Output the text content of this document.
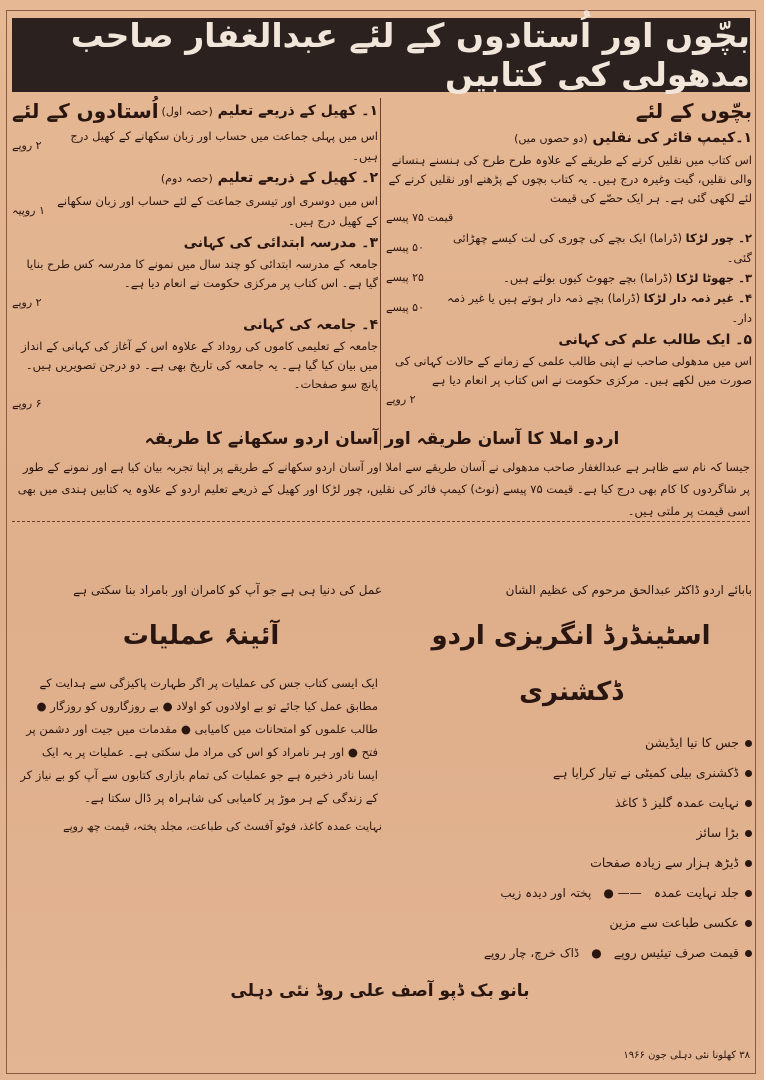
بچّوں اور اُستادوں کے لئے عبدالغفار صاحب مدھولی کی کتابیں
بچّوں کے لئے
۱۔کیمپ فائر کی نقلیں (دو حصوں میں)

اس کتاب میں نقلیں کرنے کے طریقے کے علاوہ طرح طرح کی ہنسنے ہنسانے والی نقلیں، گیت وغیرہ درج ہیں۔ یہ کتاب بچوں کے پڑھنے اور نقلیں کرنے کے لئے لکھی گئی ہے۔ ہر ایک حصّے کی قیمت

قیمت ۷۵ پیسے
۲۔ چور لڑکا (ڈراما) ایک بچے کی چوری کی لت کیسے چھڑائی گئی۔
۵۰ پیسے
۳۔ جھوٹا لڑکا (ڈراما) بچے جھوٹ کیوں بولتے ہیں۔
۲۵ پیسے
۴۔ غیر ذمہ دار لڑکا (ڈراما) بچے ذمہ دار ہوتے ہیں یا غیر ذمہ دار۔
۵۰ پیسے
۵۔ ایک طالب علم کی کہانی

اس میں مدھولی صاحب نے اپنی طالب علمی کے زمانے کے حالات کہانی کی صورت میں لکھے ہیں۔ مرکزی حکومت نے اس کتاب پر انعام دیا ہے

۲ روپے
۱۔ کھیل کے ذریعے تعلیم (حصہ اول)
اُستادوں کے لئے
اس میں پہلی جماعت میں حساب اور زبان سکھانے کے کھیل درج ہیں۔
۲ روپے
۲۔ کھیل کے ذریعے تعلیم (حصہ دوم)
اس میں دوسری اور تیسری جماعت کے لئے حساب اور زبان سکھانے کے کھیل درج ہیں۔
۱ روپیہ
۳۔ مدرسہ ابتدائی کی کہانی

جامعہ کے مدرسہ ابتدائی کو چند سال میں نمونے کا مدرسہ کس طرح بنایا گیا ہے۔ اس کتاب پر مرکزی حکومت نے انعام دیا ہے۔

۲ روپے
۴۔ جامعہ کی کہانی

جامعہ کے تعلیمی کاموں کی روداد کے علاوہ اس کے آغاز کی کہانی کے انداز میں بیان کیا گیا ہے۔ یہ جامعہ کی تاریخ بھی ہے۔ دو درجن تصویریں ہیں۔ پانچ سو صفحات۔

۶ روپے
اردو املا کا آسان طریقہ اور آسان اردو سکھانے کا طریقہ
جیسا کہ نام سے ظاہر ہے عبدالغفار صاحب مدھولی نے آسان طریقے سے املا اور آسان اردو سکھانے کے طریقے پر اپنا تجربہ بیان کیا ہے اور نمونے کے طور پر شاگردوں کا کام بھی درج کیا ہے۔ قیمت ۷۵ پیسے (نوٹ) کیمپ فائر کی نقلیں، چور لڑکا اور کھیل کے ذریعے تعلیم اردو کے علاوہ یہ کتابیں ہندی میں بھی اسی قیمت پر ملتی ہیں۔
بابائے اردو ڈاکٹر عبدالحق مرحوم کی عظیم الشان
اسٹینڈرڈ انگریزی اردو ڈکشنری
جس کا نیا ایڈیشن
ڈکشنری بیلی کمیٹی نے تیار کرایا ہے
نہایت عمدہ گلیز ڈ کاغذ
بڑا سائز
ڈیڑھ ہزار سے زیادہ صفحات
جلد نہایت عمدہ
—— ●
پختہ اور دیدہ زیب
عکسی طباعت سے مزین
قیمت صرف تیئیس روپے
●
ڈاک خرچ، چار روپے
عمل کی دنیا ہی ہے جو آپ کو کامران اور بامراد بنا سکتی ہے
آئینۂ عملیات
ایک ایسی کتاب جس کی عملیات پر اگر طہارت پاکیزگی سے ہدایت کے مطابق عمل کیا جائے تو بے اولادوں کو اولاد ● بے روزگاروں کو روزگار ● طالب علموں کو امتحانات میں کامیابی ● مقدمات میں جیت اور دشمن پر فتح ● اور ہر نامراد کو اس کی مراد مل سکتی ہے۔ عملیات پر یہ ایک ایسا نادر ذخیرہ ہے جو عملیات کی تمام بازاری کتابوں سے آپ کو بے نیاز کر کے زندگی کے ہر موڑ پر کامیابی کی شاہراہ پر ڈال سکتا ہے۔
نہایت عمدہ کاغذ، فوٹو آفسٹ کی طباعت، مجلد پختہ، قیمت چھ روپے
بانو بک ڈپو آصف علی روڈ نئی دہلی
۳۸ کھلونا نئی دہلی جون ۱۹۶۶
